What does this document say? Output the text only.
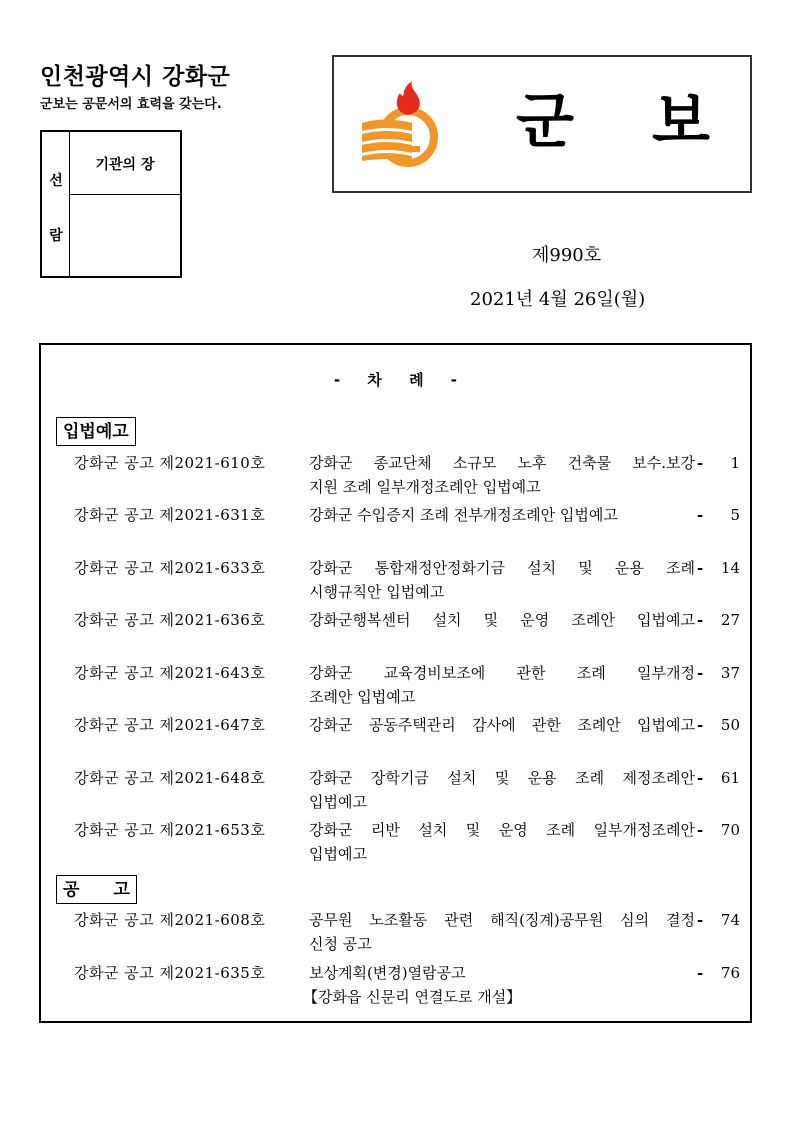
인천광역시 강화군
군보는 공문서의 효력을 갖는다.
선
람
기관의 장
군 보
제990호
2021년 4월 26일(월)
- 차 례 -
입법예고
강화군 공고 제2021-610호	강화군 종교단체 소규모 노후 건축물 보수.보강
지원 조례 일부개정조례안 입법예고
- 1
강화군 공고 제2021-631호	강화군 수입증지 조례 전부개정조례안 입법예고	- 5
강화군 공고 제2021-633호	강화군 통합재정안정화기금 설치 및 운용 조례
시행규칙안 입법예고
- 14
강화군 공고 제2021-636호	강화군행복센터 설치 및 운영 조례안 입법예고 - 27
강화군 공고 제2021-643호	강화군 교육경비보조에 관한 조례 일부개정
조례안 입법예고
- 37
강화군 공고 제2021-647호	강화군 공동주택관리 감사에 관한 조례안 입법예고 - 50
강화군 공고 제2021-648호	강화군 장학기금 설치 및 운용 조례 제정조례안
입법예고
- 61
강화군 공고 제2021-653호	강화군 리반 설치 및 운영 조례 일부개정조례안
입법예고
- 70
공 고
강화군 공고 제2021-608호	공무원 노조활동 관련 해직(징계)공무원 심의 결정
신청 공고
- 74
강화군 공고 제2021-635호	보상계획(변경)열람공고
【강화읍 신문리 연결도로 개설】
- 76
